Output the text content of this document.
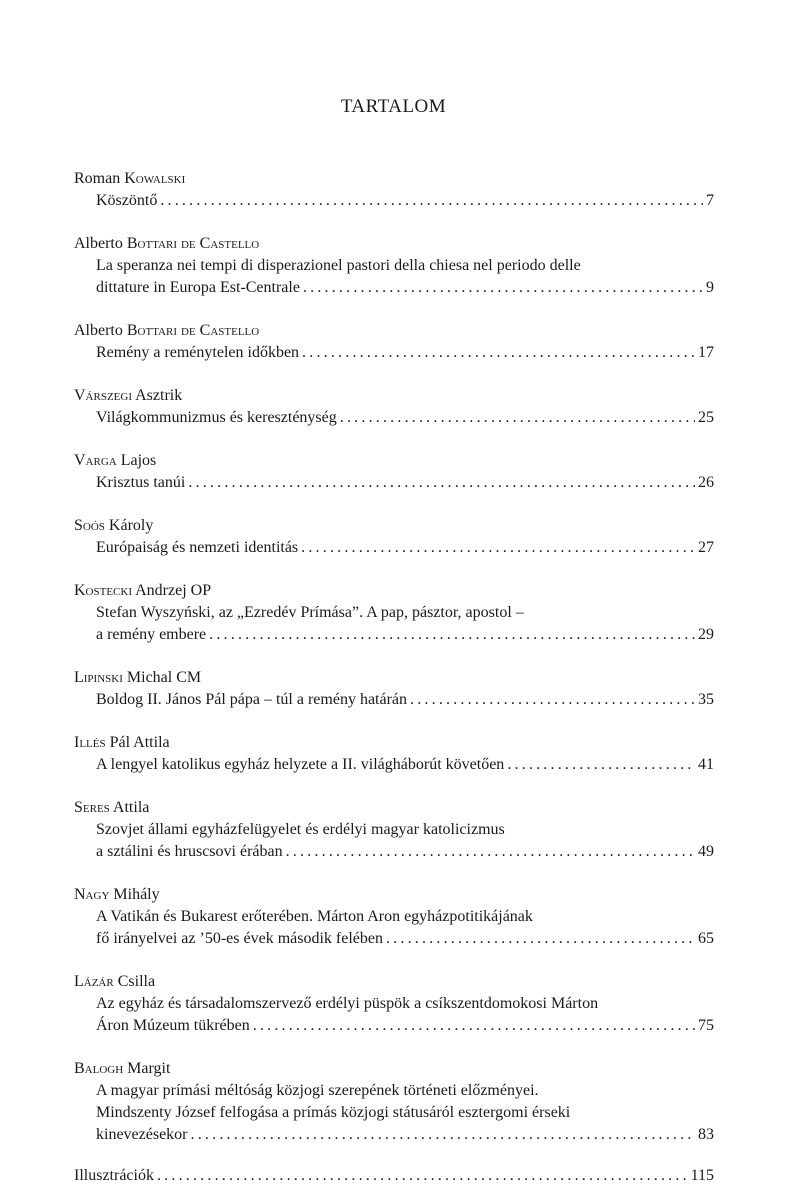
TARTALOM
Roman Kowalski
Köszöntő .....	7
Alberto Bottari de Castello
La speranza nei tempi di disperazionel pastori della chiesa nel periodo delle
dittature in Europa Est-Centrale .....	9
Alberto Bottari de Castello
Remény a reménytelen időkben .....	17
Várszegi Asztrik
Világkommunizmus és kereszténység .....	25
Varga Lajos
Krisztus tanúi .....	26
Soós Károly
Európaiság és nemzeti identitás .....	27
Kostecki Andrzej OP
Stefan Wyszyński, az „Ezredév Prímása”. A pap, pásztor, apostol –
a remény embere .....	29
Lipinski Michal CM
Boldog II. János Pál pápa – túl a remény határán .....	35
Illés Pál Attila
A lengyel katolikus egyház helyzete a II. világháborút követően .....	41
Seres Attila
Szovjet állami egyházfelügyelet és erdélyi magyar katolicizmus
a sztálini és hruscsovi érában .....	49
Nagy Mihály
A Vatikán és Bukarest erőterében. Márton Aron egyházpotitikájának
fő irányelvei az ’50-es évek második felében .....	65
Lázár Csilla
Az egyház és társadalomszervező erdélyi püspök a csíkszentdomokosi Márton
Áron Múzeum tükrében .....	75
Balogh Margit
A magyar prímási méltóság közjogi szerepének történeti előzményei.
Mindszenty József felfogása a prímás közjogi státusáról esztergomi érseki
kinevezésekor .....	83
Illusztrációk .....	115
